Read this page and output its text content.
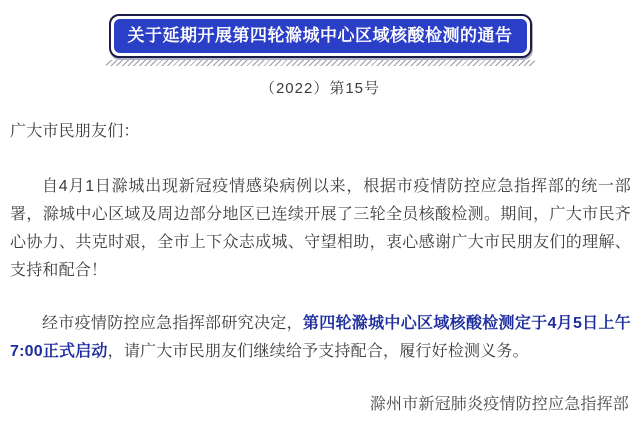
关于延期开展第四轮滁城中心区域核酸检测的通告
（2022）第15号
广大市民朋友们：

自4月1日滁城出现新冠疫情感染病例以来，根据市疫情防控应急指挥部的统一部署，滁城中心区域及周边部分地区已连续开展了三轮全员核酸检测。期间，广大市民齐心协力、共克时艰，全市上下众志成城、守望相助，衷心感谢广大市民朋友们的理解、支持和配合！

经市疫情防控应急指挥部研究决定，第四轮滁城中心区域核酸检测定于4月5日上午7:00正式启动，请广大市民朋友们继续给予支持配合，履行好检测义务。

滁州市新冠肺炎疫情防控应急指挥部
